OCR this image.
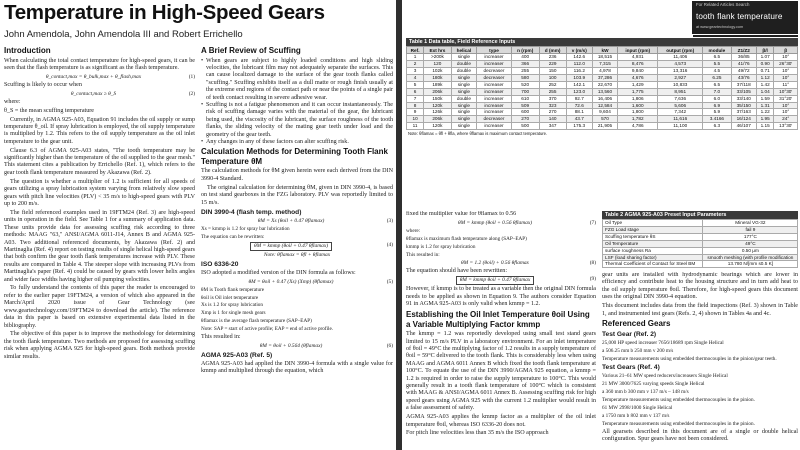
Temperature in High-Speed Gears
John Amendola, John Amendola III and Robert Errichello
Introduction

When calculating the total contact temperature for high-speed gears, it can be seen that the flash temperature is as significant as the flash temperature.

θ_contact,max = θ_bulk,max + θ_flash,max	(1)

Scuffing is likely to occur when

θ_contact,max ≥ θ_S	(2)

where:

θ_S = the mean scuffing temperature

Currently, in AGMA 925-A03, Equation 91 includes the oil supply or sump temperature θ_oil. If spray lubrication is employed, the oil supply temperature is multiplied by 1.2. This refers to the oil supply temperature as the oil inlet temperature to the gear unit.

Clause 6.3 of AGMA 925-A03 states, "The tooth temperature may be significantly higher than the temperature of the oil supplied to the gear mesh." This statement cites a publication by Errichello (Ref. 1), which refers to the gear tooth flank temperature measured by Akazawa (Ref. 2).

The question is whether a multiplier of 1.2 is sufficient for all speeds of gears utilizing a spray lubrication system varying from relatively slow speed gears with pitch line velocities (PLV) < 35 m/s to high-speed gears with PLV up to 200 m/s.

The field referenced examples used in 19FTM24 (Ref. 3) are high-speed units in operation in the field. See Table 1 for a summary of application data. These units provide data for assessing scuffing risk according to three methods: MAAG "63," ANSI/AGMA 6011-J14, Annex B and AGMA 925-A03. Two additional referenced documents, by Akazawa (Ref. 2) and Martinaglia (Ref. 4) report on testing results of single helical high-speed gears that both confirm the gear tooth flank temperatures increase with PLV. These results are compared in Table 4. The steeper slope with increasing PLVs from Martinaglia's paper (Ref. 4) could be caused by gears with lower helix angles and wider face widths having higher oil pumping velocities.

To fully understand the contents of this paper the reader is encouraged to refer to the earlier paper 19FTM24, a version of which also appeared in the March/April 2020 issue of Gear Technology (see www.geartechnology.com/19FTM24 to download the article). The reference data in this paper is based on extensive experimental data listed in the bibliography.

The objective of this paper is to improve the methodology for determining the tooth flank temperature. Two methods are proposed for assessing scuffing risk when applying AGMA 925 for high-speed gears. Both methods provide similar results.

A Brief Review of Scuffing
• When gears are subject to highly loaded conditions and high sliding velocities, the lubricant film may not adequately separate the surfaces. This can cause localized damage to the surface of the gear tooth flanks called "scuffing." Scuffing exhibits itself as a dull matte or rough finish usually at the extreme end regions of the contact path or near the points of a single pair of teeth contact resulting in severe adhesive wear.
• Scuffing is not a fatigue phenomenon and it can occur instantaneously. The risk of scuffing damage varies with the material of the gear, the lubricant being used, the viscosity of the lubricant, the surface roughness of the tooth flanks, the sliding velocity of the mating gear teeth under load and the geometry of the gear teeth.
• Any changes in any of these factors can alter scuffing risk.
Calculation Methods for Determining Tooth Flank Temperature θM

The calculation methods for θM given herein were each derived from the DIN 3990-4 Standard.

The original calculation for determining θM, given in DIN 3990-4, is based on test stand gearboxes in the FZG laboratory. PLV was reportedly limited to 15 m/s.

DIN 3990-4 (flash temp. method)
θM = Xs (θoil + 0.47 θflamax)	(3)

Xs = kmmp is 1.2 for spray bar lubrication

The equation can be rewritten:

θM = kmmp (θoil + 0.47 θflamax)	(4)
Note: θflamax = θfl + θflamax
ISO 6336-20

ISO adopted a modified version of the DIN formula as follows:

θM = θoil + 0.47 (Xs) (Xmp) (θflamax)	(5)

θM is Tooth flank temperature

θoil is Oil inlet temperature

Xs is 1.2 for spray lubrication

Xmp is 1 for single mesh gears

θflamax is the average flash temperature (SAP–EAP)

Note: SAP = start of active profile; EAP = end of active profile.

This resulted in:

θM = θoil + 0.564 (θflamax)	(6)
AGMA 925-A03 (Ref. 5)

AGMA 925-A03 had applied the DIN 3990-4 formula with a single value for kmmp and multiplied through the equation, which

For Related Articles Search
tooth flank temperature
at www.geartechnology.com
Table 1 Data table, Field Reference Inputs
Ref.	Ext hrs	helical	type	n (rpm)	d (mm)	v (m/s)	kW	input (rpm)	output (rpm)	module	Z1/Z2	β/l	β
1	>200k	single	increaser	400	236	142.6	18,515	4,931	11,406	6.5	36/85	1.07	10°
2	120	double	increaser	366	229	112.0	7,315	8,476	4,573	5.5	41/76	0.90	26°30'
3	102k	double	decreaser	255	150	116.2	4,978	9,840	13,316	4.5	49/72	0.71	10°
4	180k	single	decreaser	580	100	103.9	37,286	4,676	2,927	6.25	43/76	1.12	10°
5	189k	single	increaser	520	252	142.1	22,670	1,429	10,833	6.5	37/118	1.42	11°
6	206k	single	increaser	700	255	123.0	13,560	1,775	8,951	7.0	33/105	1.04	10°30'
7	150k	double	increaser	610	370	92.7	16,406	1,806	7,636	6.0	33/140	1.59	31°20'
8	120k	single	increaser	509	323	72.6	12,584	1,600	5,606	6.9	35/150	1.31	10°
9	126k	single	increaser	600	270	88.1	9,604	1,800	7,342	5.9	37/163	1.22	10°
10	206k	single	decreaser	270	140	43.7	570	1,782	11,616	3.4166	16/124	1.95	24°
11	120k	single	increaser	500	347	175.3	21,905	4,786	11,100	6.3	46/107	1.15	13°30'
Note: θflamax = θfl + θfla, where θflamax is maximum contact temperature.

fixed the multiplier value for θflamax to 0.56

θM = kmmp (θoil + 0.56 θflamax)	(7)

where:

θflamax is maximum flash temperature along (SAP–EAP)

kmmp is 1.2 for spray lubrication

This resulted in:

θM = 1.2 (θoil) + 0.56 θflamax	(8)

The equation should have been rewritten:

θM = kmmp θoil + 0.47 θflamax	(9)

However, if kmmp is to be treated as a variable then the original DIN formula needs to be applied as shown in Equation 9. The authors consider Equation 91 in AGMA 925-A03 is only valid when kmmp = 1.2.

Establishing the Oil Inlet Temperature θoil Using a Variable Multiplying Factor kmmp

The kmmp = 1.2 was reportedly developed using small test stand gears limited to 15 m/s PLV in a laboratory environment. For an inlet temperature of θoil = 49°C the multiplying factor of 1.2 results in a supply temperature of θoil = 59°C delivered to the tooth flank. This is considerably less when using MAAG and AGMA 6011 Annex B which fixed the tooth flank temperature at 100°C. To equate the use of the DIN 3990/AGMA 925 equation, a kmmp = 1.2 is required in order to raise the supply temperature to 100°C. This would generally result in a tooth flank temperature of 100°C which is consistent with MAAG & ANSI/AGMA 6011 Annex B. Assessing scuffing risk for high speed gears using AGMA 925 with the current 1.2 multiplier would result in a false assessment of safety.

AGMA 925-A03 applies the kmmp factor as a multiplier of the oil inlet temperature θoil, whereas ISO 6336-20 does not.

For pitch line velocities less than 35 m/s the ISO approach

Table 2 AGMA 925-A03 Preset Input Parameters
Oil Type	Mineral VG-32
FZG Load stage	fail 9
Scuffing temperature θS	177°C
Oil Temperature	49°C
surface roughness Rа	0.50 μm
LSF (load sharing factor)	smooth meshing (with profile modification
Thermal Coefficient of Contact for Steel BM	13.780 N/[mm s0.5 K]

gear units are installed with hydrodynamic bearings which are lower in efficiency and contribute heat to the housing structure and in turn add heat to the oil supply temperature θoil. Therefore, for high-speed gears this document uses the original DIN 3990-4 equation.

This document includes data from the field inspections (Ref. 3) shown in Table 1, and instrumented test gears (Refs. 2, 4) shown in Tables 4a and 4c.

Referenced Gears
Test Gear (Ref. 2)

25,000 HP speed increaser 7656/18689 rpm Single Helical

a 506.25 mm b 250 mm v 200 m/s

Temperature measurements using embedded thermocouples in the pinion/gear teeth.

Test Gears (Ref. 4)

Various 21–61 MW speed reducers/increasers Single Helical

21 MW 3000/7625 varying speeds Single Helical

a 360 mm b 300 mm v 137 m/s – 148 m/s

Temperature measurements using embedded thermocouples in the pinion.

61 MW 2998/1000 Single Helical

a 1750 mm b 802 mm v 137 m/s

Temperature measurements using embedded thermocouples in the pinion.

All gearsets described in this document are of a single or double helical configuration. Spur gears have not been considered.
